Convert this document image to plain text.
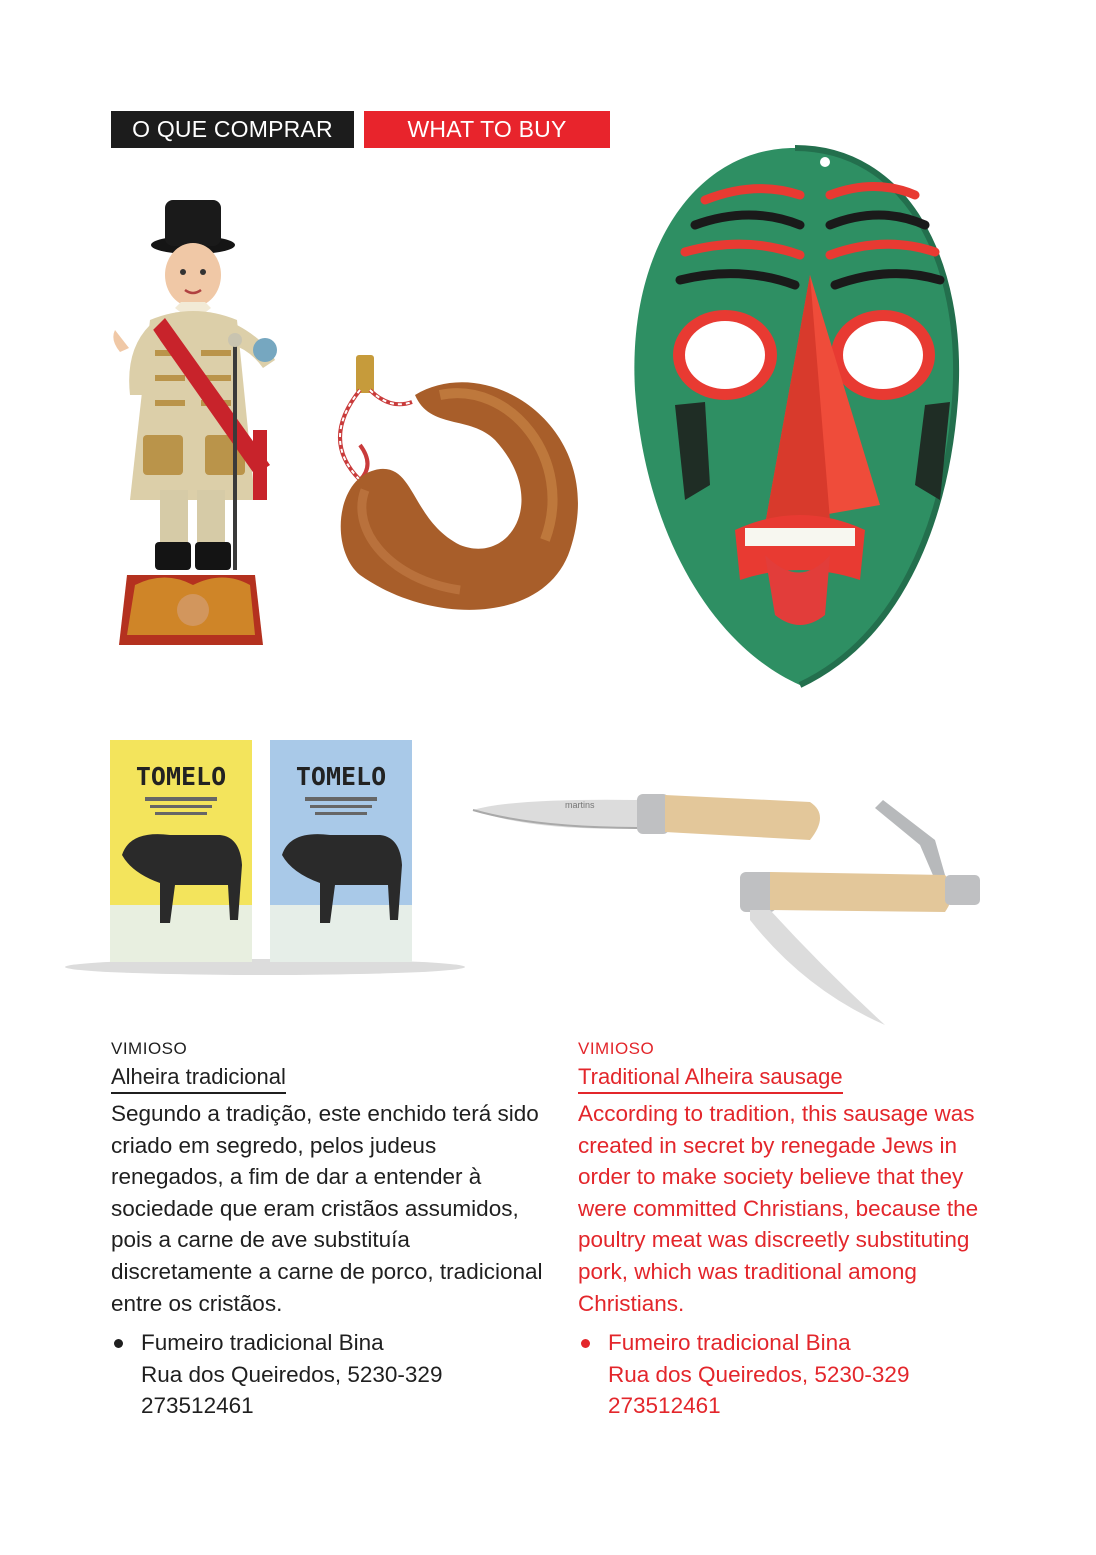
O QUE COMPRAR	WHAT TO BUY
TOMELO	TOMELO
martins
VIMIOSO
Alheira tradicional

Segundo a tradição, este enchido terá sido criado em segredo, pelos judeus renegados, a fim de dar a entender à sociedade que eram cristãos assumidos, pois a carne de ave substituía discretamente a carne de porco, tradicional entre os cristãos.

Fumeiro tradicional Bina
Rua dos Queiredos, 5230-329
273512461
VIMIOSO
Traditional Alheira sausage

According to tradition, this sausage was created in secret by renegade Jews in order to make society believe that they were committed Christians, because the poultry meat was discreetly substituting pork, which was traditional among Christians.

Fumeiro tradicional Bina
Rua dos Queiredos, 5230-329
273512461
